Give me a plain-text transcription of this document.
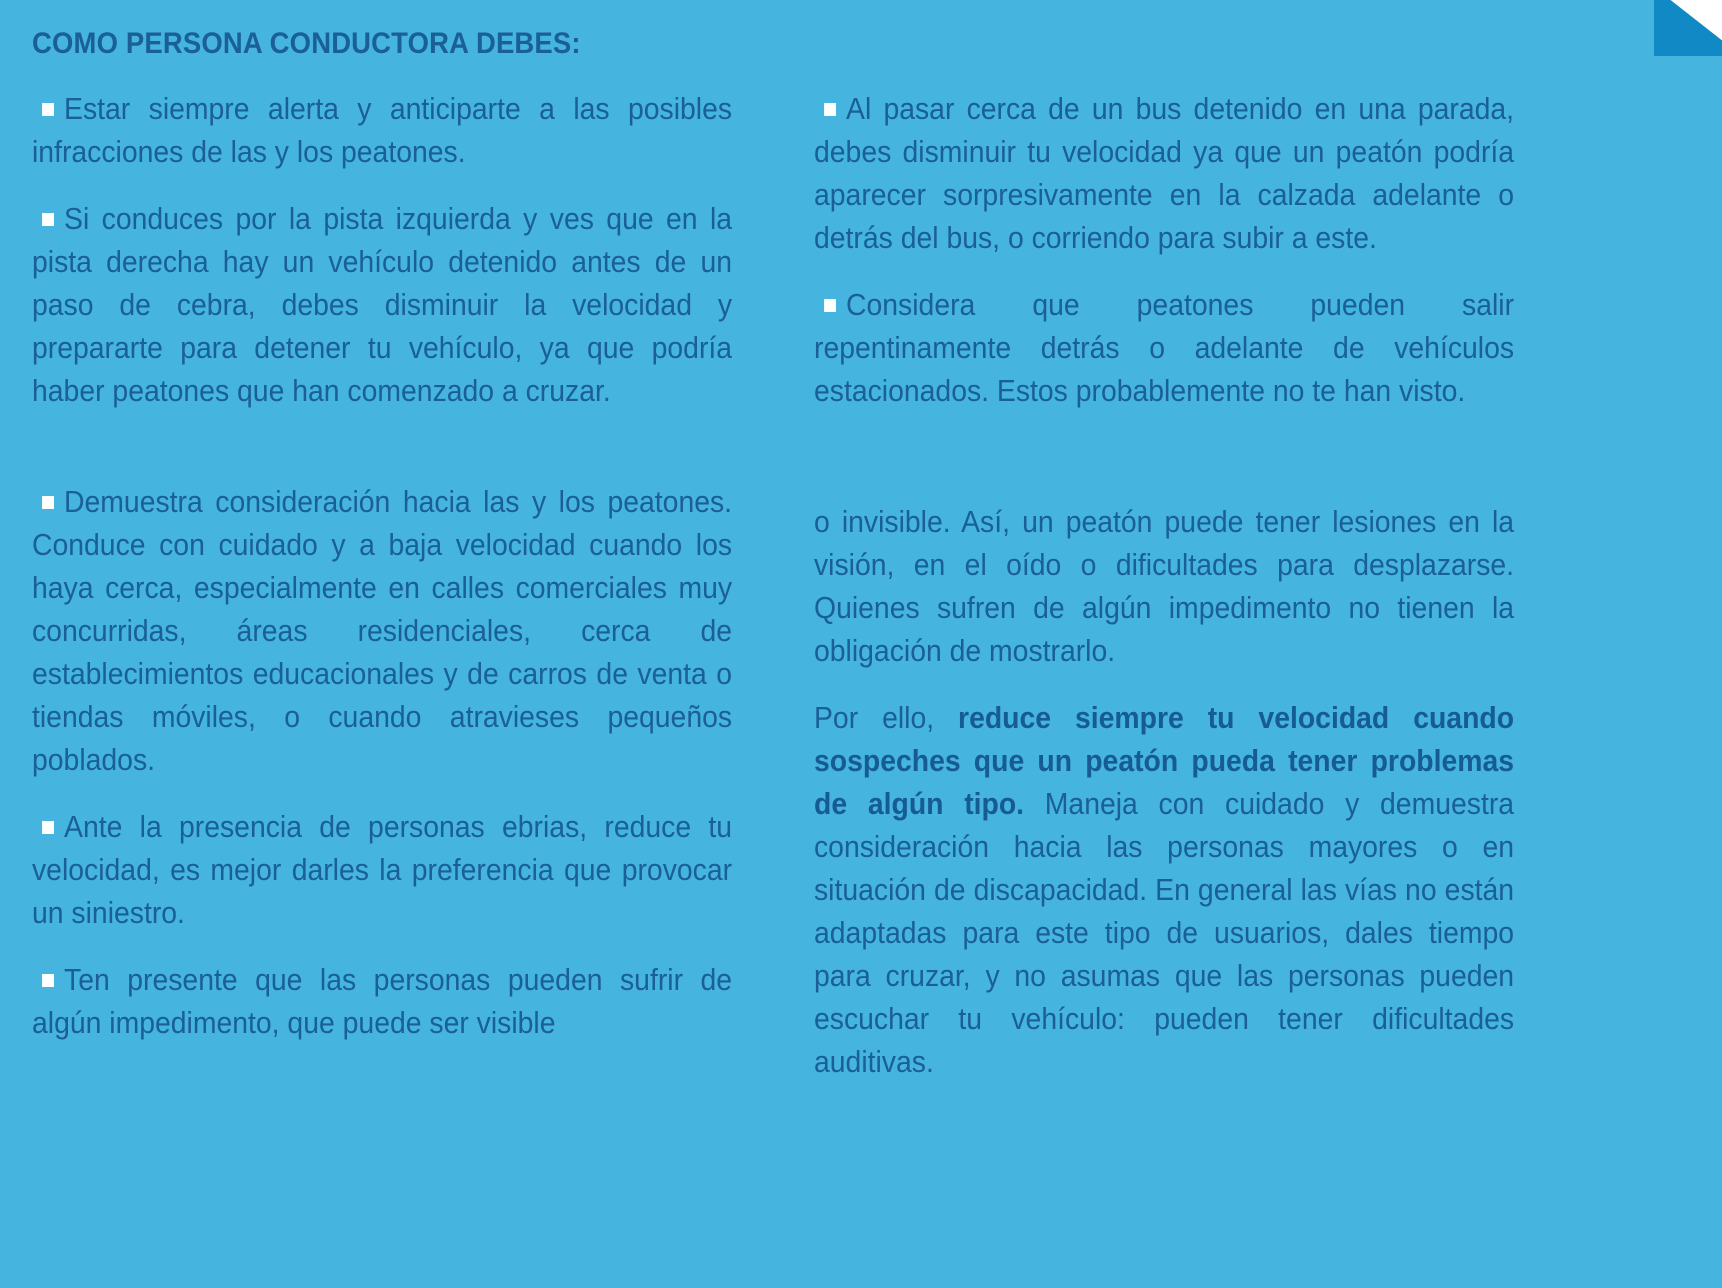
COMO PERSONA CONDUCTORA DEBES:

Estar siempre alerta y anticiparte a las posibles infracciones de las y los peatones.

Si conduces por la pista izquierda y ves que en la pista derecha hay un vehículo detenido antes de un paso de cebra, debes disminuir la velocidad y prepararte para detener tu vehículo, ya que podría haber peatones que han comenzado a cruzar.

Demuestra consideración hacia las y los peatones. Conduce con cuidado y a baja velocidad cuando los haya cerca, especialmente en calles comerciales muy concurridas, áreas residenciales, cerca de establecimientos educacionales y de carros de venta o tiendas móviles, o cuando atravieses pequeños poblados.

Ante la presencia de personas ebrias, reduce tu velocidad, es mejor darles la preferencia que provocar un siniestro.

Ten presente que las personas pueden sufrir de algún impedimento, que puede ser visible

Al pasar cerca de un bus detenido en una parada, debes disminuir tu velocidad ya que un peatón podría aparecer sorpresivamente en la calzada adelante o detrás del bus, o corriendo para subir a este.

Considera que peatones pueden salir repentinamente detrás o adelante de vehículos estacionados. Estos probablemente no te han visto.

o invisible. Así, un peatón puede tener lesiones en la visión, en el oído o dificultades para desplazarse. Quienes sufren de algún impedimento no tienen la obligación de mostrarlo.

Por ello, reduce siempre tu velocidad cuando sospeches que un peatón pueda tener problemas de algún tipo. Maneja con cuidado y demuestra consideración hacia las personas mayores o en situación de discapacidad. En general las vías no están adaptadas para este tipo de usuarios, dales tiempo para cruzar, y no asumas que las personas pueden escuchar tu vehículo: pueden tener dificultades auditivas.
